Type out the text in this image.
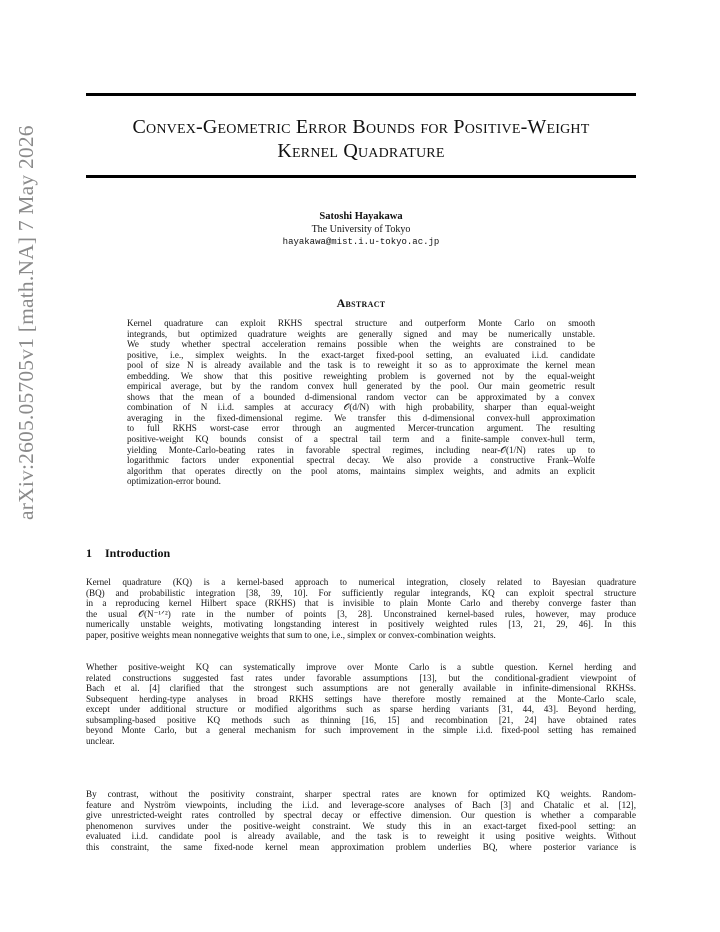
arXiv:2605.05705v1 [math.NA] 7 May 2026	Convex-Geometric Error Bounds for Positive-Weight
Kernel Quadrature
Satoshi Hayakawa
The University of Tokyo
hayakawa@mist.i.u-tokyo.ac.jp
Abstract
Kernel quadrature can exploit RKHS spectral structure and outperform Monte Carlo on smooth
integrands, but optimized quadrature weights are generally signed and may be numerically unstable.
We study whether spectral acceleration remains possible when the weights are constrained to be
positive, i.e., simplex weights. In the exact-target fixed-pool setting, an evaluated i.i.d. candidate
pool of size N is already available and the task is to reweight it so as to approximate the kernel mean
embedding. We show that this positive reweighting problem is governed not by the equal-weight
empirical average, but by the random convex hull generated by the pool. Our main geometric result
shows that the mean of a bounded d-dimensional random vector can be approximated by a convex
combination of N i.i.d. samples at accuracy 𝒪(d/N) with high probability, sharper than equal-weight
averaging in the fixed-dimensional regime. We transfer this d-dimensional convex-hull approximation
to full RKHS worst-case error through an augmented Mercer-truncation argument. The resulting
positive-weight KQ bounds consist of a spectral tail term and a finite-sample convex-hull term,
yielding Monte-Carlo-beating rates in favorable spectral regimes, including near-𝒪(1/N) rates up to
logarithmic factors under exponential spectral decay. We also provide a constructive Frank–Wolfe
algorithm that operates directly on the pool atoms, maintains simplex weights, and admits an explicit
optimization-error bound.
1 Introduction
Kernel quadrature (KQ) is a kernel-based approach to numerical integration, closely related to Bayesian quadrature
(BQ) and probabilistic integration [38, 39, 10]. For sufficiently regular integrands, KQ can exploit spectral structure
in a reproducing kernel Hilbert space (RKHS) that is invisible to plain Monte Carlo and thereby converge faster than
the usual 𝒪(N⁻¹ᐟ²) rate in the number of points [3, 28]. Unconstrained kernel-based rules, however, may produce
numerically unstable weights, motivating longstanding interest in positively weighted rules [13, 21, 29, 46]. In this
paper, positive weights mean nonnegative weights that sum to one, i.e., simplex or convex-combination weights.
Whether positive-weight KQ can systematically improve over Monte Carlo is a subtle question. Kernel herding and
related constructions suggested fast rates under favorable assumptions [13], but the conditional-gradient viewpoint of
Bach et al. [4] clarified that the strongest such assumptions are not generally available in infinite-dimensional RKHSs.
Subsequent herding-type analyses in broad RKHS settings have therefore mostly remained at the Monte-Carlo scale,
except under additional structure or modified algorithms such as sparse herding variants [31, 44, 43]. Beyond herding,
subsampling-based positive KQ methods such as thinning [16, 15] and recombination [21, 24] have obtained rates
beyond Monte Carlo, but a general mechanism for such improvement in the simple i.i.d. fixed-pool setting has remained
unclear.
By contrast, without the positivity constraint, sharper spectral rates are known for optimized KQ weights. Random-
feature and Nyström viewpoints, including the i.i.d. and leverage-score analyses of Bach [3] and Chatalic et al. [12],
give unrestricted-weight rates controlled by spectral decay or effective dimension. Our question is whether a comparable
phenomenon survives under the positive-weight constraint. We study this in an exact-target fixed-pool setting: an
evaluated i.i.d. candidate pool is already available, and the task is to reweight it using positive weights. Without
this constraint, the same fixed-node kernel mean approximation problem underlies BQ, where posterior variance is
